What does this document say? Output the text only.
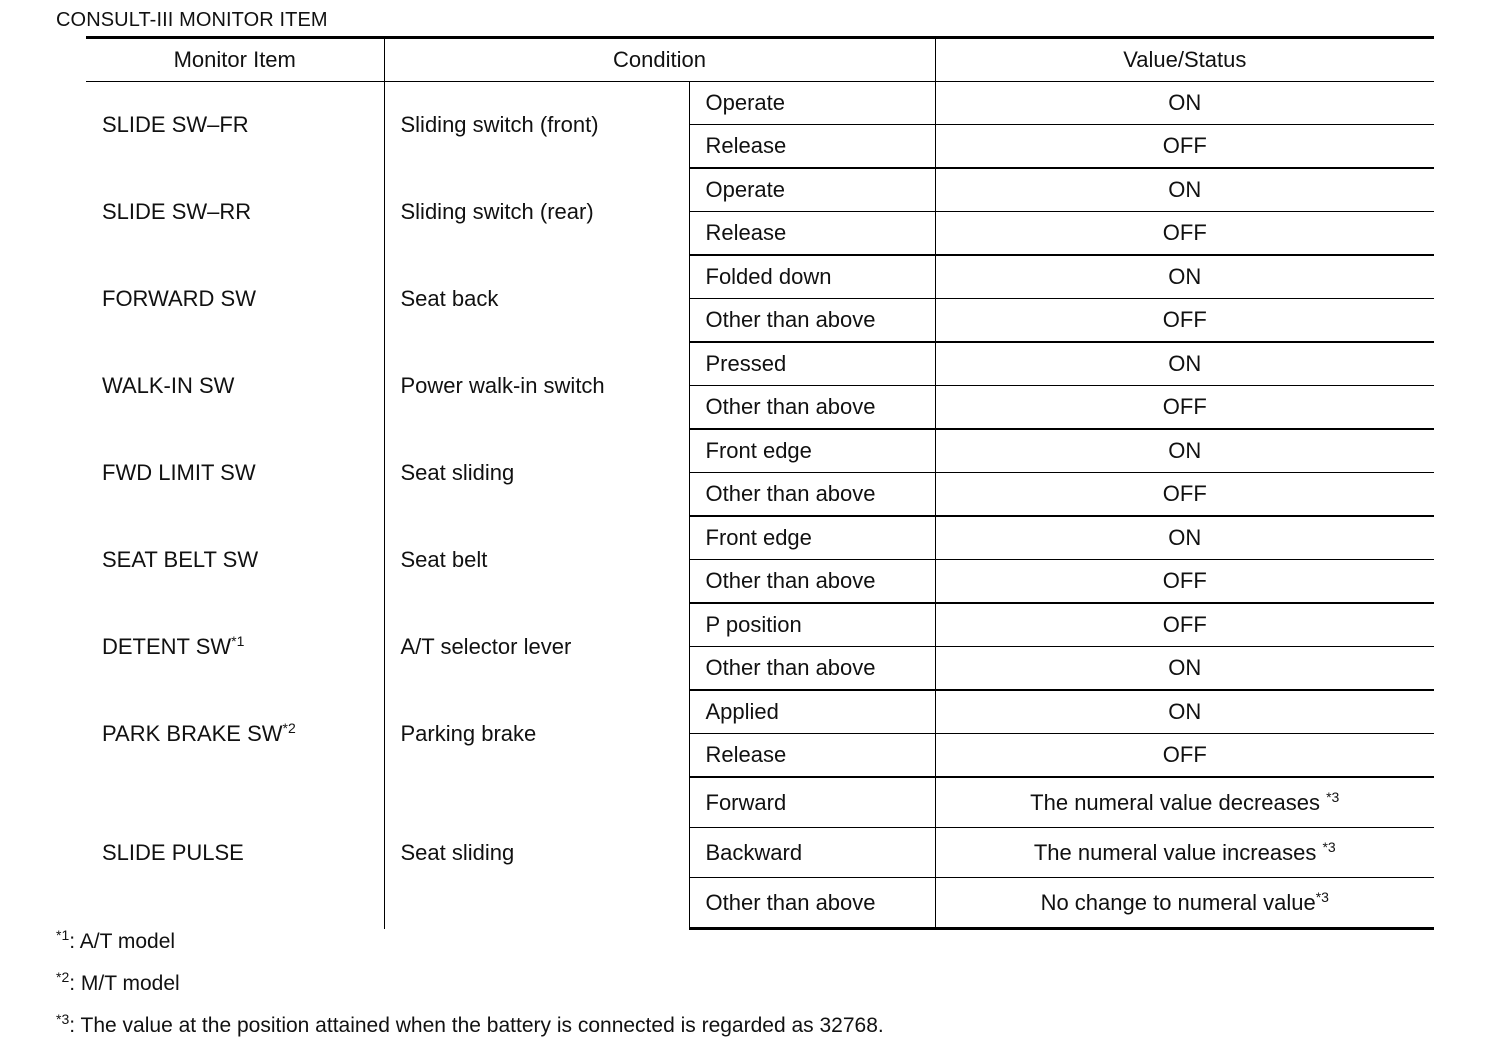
CONSULT-III MONITOR ITEM
Monitor Item	Condition		Value/Status
SLIDE SW–FR	Sliding switch (front)	Operate	ON
		Release	OFF
SLIDE SW–RR	Sliding switch (rear)	Operate	ON
		Release	OFF
FORWARD SW	Seat back	Folded down	ON
		Other than above	OFF
WALK-IN SW	Power walk-in switch	Pressed	ON
		Other than above	OFF
FWD LIMIT SW	Seat sliding	Front edge	ON
		Other than above	OFF
SEAT BELT SW	Seat belt	Front edge	ON
		Other than above	OFF
DETENT SW$^{*1}$	A/T selector lever	P position	OFF
		Other than above	ON
PARK BRAKE SW$^{*2}$	Parking brake	Applied	ON
		Release	OFF
SLIDE PULSE	Seat sliding	Forward	The numeral value decreases $^{*3}$
		Backward	The numeral value increases $^{*3}$
		Other than above	No change to numeral value$^{*3}$
$^{*1}$: A/T model
$^{*2}$: M/T model
$^{*3}$: The value at the position attained when the battery is connected is regarded as 32768.
